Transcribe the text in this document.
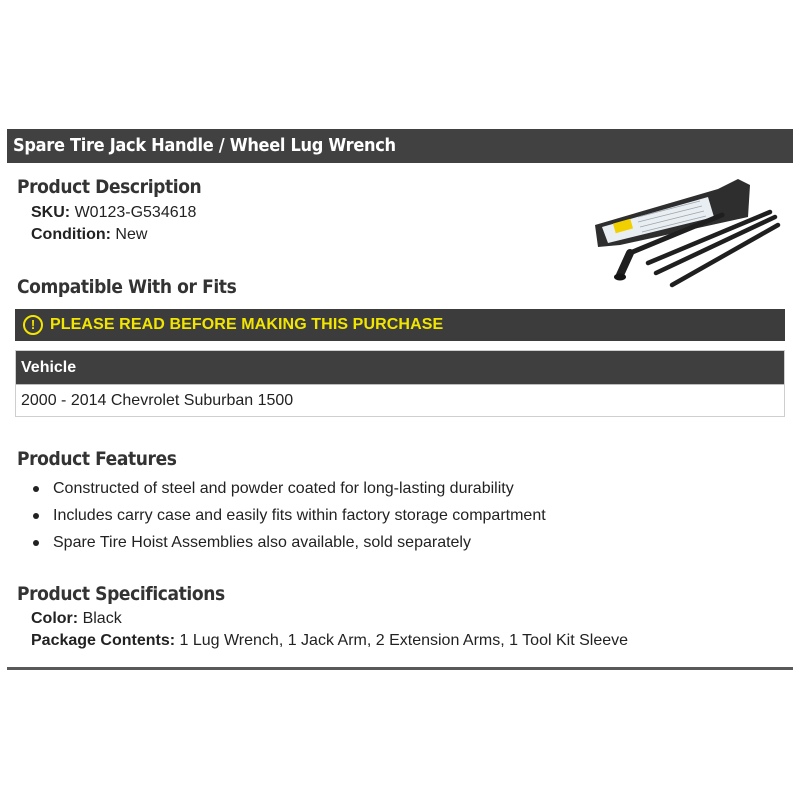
Spare Tire Jack Handle / Wheel Lug Wrench
Product Description
SKU: W0123-G534618
Condition: New
Compatible With or Fits
! PLEASE READ BEFORE MAKING THIS PURCHASE
Vehicle
2000 - 2014 Chevrolet Suburban 1500
Product Features
Constructed of steel and powder coated for long-lasting durability
Includes carry case and easily fits within factory storage compartment
Spare Tire Hoist Assemblies also available, sold separately
Product Specifications
Color: Black
Package Contents: 1 Lug Wrench, 1 Jack Arm, 2 Extension Arms, 1 Tool Kit Sleeve
